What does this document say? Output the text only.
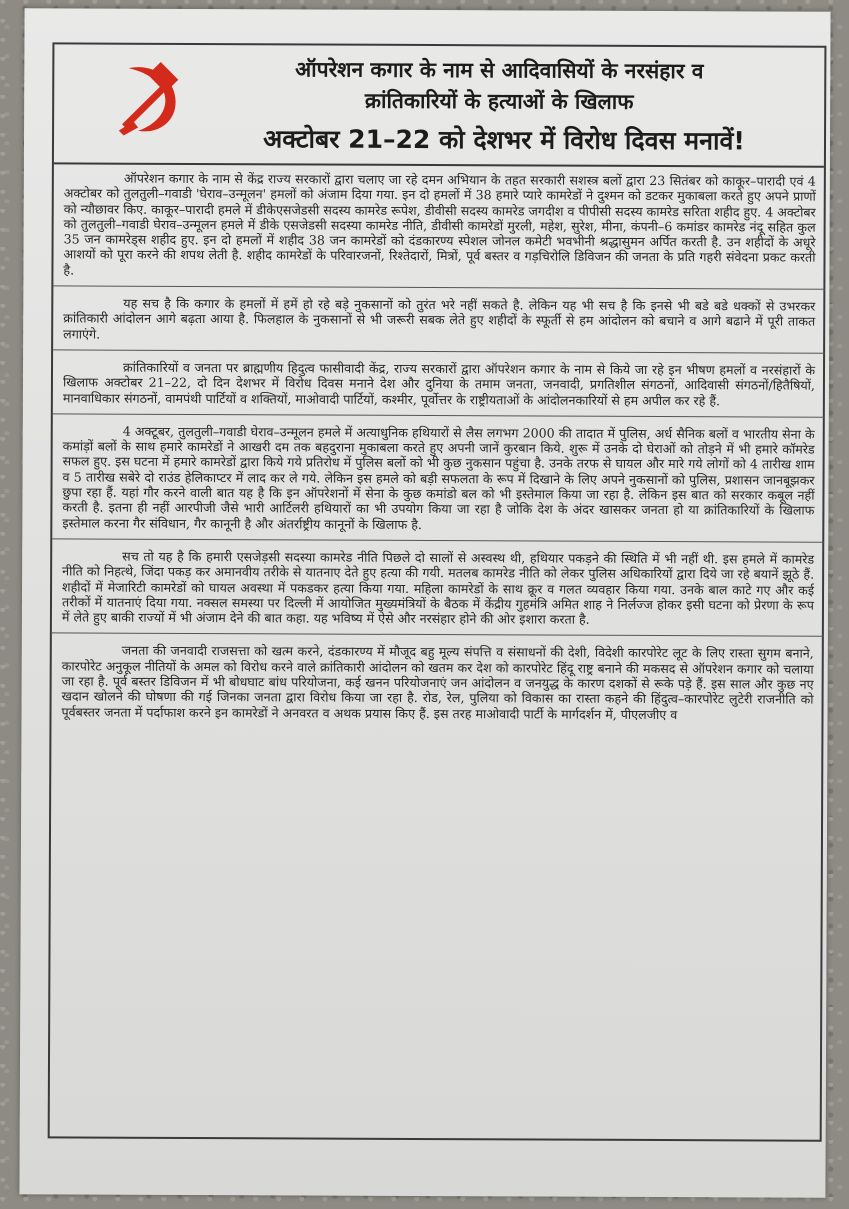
ऑपरेशन कगार के नाम से आदिवासियों के नरसंहार व
क्रांतिकारियों के हत्याओं के खिलाफ
अक्टोबर 21–22 को देशभर में विरोध दिवस मनावें!

ऑपरेशन कगार के नाम से केंद्र राज्य सरकारों द्वारा चलाए जा रहे दमन अभियान के तहत सरकारी सशस्त्र बलों द्वारा 23 सितंबर को काकूर–पारादी एवं 4 अक्टोबर को तुलतुली–गवाडी 'घेराव–उन्मूलन' हमलों को अंजाम दिया गया. इन दो हमलों में 38 हमारे प्यारे कामरेडों ने दुश्मन को डटकर मुकाबला करते हुए अपने प्राणों को न्यौछावर किए. काकूर–पारादी हमले में डीकेएसजेडसी सदस्य कामरेड रूपेश, डीवीसी सदस्य कामरेड जगदीश व पीपीसी सदस्य कामरेड सरिता शहीद हुए. 4 अक्टोबर को तुलतुली–गवाडी घेराव–उन्मूलन हमले में डीके एसजेडसी सदस्या कामरेड नीति, डीवीसी कामरेडों मुरली, महेश, सुरेश, मीना, कंपनी–6 कमांडर कामरेड नंदू सहित कुल 35 जन कामरेड्स शहीद हुए. इन दो हमलों में शहीद 38 जन कामरेडों को दंडकारण्य स्पेशल जोनल कमेटी भवभीनी श्रद्धासुमन अर्पित करती है. उन शहीदों के अधूरे आशयों को पूरा करने की शपथ लेती है. शहीद कामरेडों के परिवारजनों, रिश्तेदारों, मित्रों, पूर्व बस्तर व गड़चिरोलि डिविजन की जनता के प्रति गहरी संवेदना प्रकट करती है.

यह सच है कि कगार के हमलों में हमें हो रहे बड़े नुकसानों को तुरंत भरे नहीं सकते है. लेकिन यह भी सच है कि इनसे भी बडे बडे धक्कों से उभरकर क्रांतिकारी आंदोलन आगे बढ़ता आया है. फिलहाल के नुकसानों से भी जरूरी सबक लेते हुए शहीदों के स्फूर्ती से हम आंदोलन को बचाने व आगे बढाने में पूरी ताकत लगाएंगे.

क्रांतिकारियों व जनता पर ब्राह्मणीय हिदुत्व फासीवादी केंद्र, राज्य सरकारों द्वारा ऑपरेशन कगार के नाम से किये जा रहे इन भीषण हमलों व नरसंहारों के खिलाफ अक्टोबर 21–22, दो दिन देशभर में विरोध दिवस मनाने देश और दुनिया के तमाम जनता, जनवादी, प्रगतिशील संगठनों, आदिवासी संगठनों/हितैषियों, मानवाधिकार संगठनों, वामपंथी पार्टियों व शक्तियों, माओवादी पार्टियों, कश्मीर, पूर्वोत्तर के राष्ट्रीयताओं के आंदोलनकारियों से हम अपील कर रहे हैं.

4 अक्टूबर, तुलतुली–गवाडी घेराव–उन्मूलन हमले में अत्याधुनिक हथियारों से लैस लगभग 2000 की तादात में पुलिस, अर्ध सैनिक बलों व भारतीय सेना के कमांड़ों बलों के साथ हमारे कामरेडों ने आखरी दम तक बहदुराना मुकाबला करते हुए अपनी जानें कुरबान किये. शुरू में उनके दो घेराओं को तोड़ने में भी हमारे कॉमरेड सफल हुए. इस घटना में हमारे कामरेडों द्वारा किये गये प्रतिरोध में पुलिस बलों को भी कुछ नुकसान पहुंचा है. उनके तरफ से घायल और मारे गये लोगों को 4 तारीख शाम व 5 तारीख सबेरे दो राउंड हेलिकाप्टर में लाद कर ले गये. लेकिन इस हमले को बड़ी सफलता के रूप में दिखाने के लिए अपने नुकसानों को पुलिस, प्रशासन जानबूझकर छुपा रहा हैं. यहां गौर करने वाली बात यह है कि इन ऑपरेशनों में सेना के कुछ कमांडो बल को भी इस्तेमाल किया जा रहा है. लेकिन इस बात को सरकार कबूल नहीं करती है. इतना ही नहीं आरपीजी जैसे भारी आर्टिलरी हथियारों का भी उपयोग किया जा रहा है जोकि देश के अंदर खासकर जनता हो या क्रांतिकारियों के खिलाफ इस्तेमाल करना गैर संविधान, गैर कानूनी है और अंतर्राष्ट्रीय कानूनों के खिलाफ है.

सच तो यह है कि हमारी एसजेड़सी सदस्या कामरेड नीति पिछले दो सालों से अस्वस्थ थी, हथियार पकड़ने की स्थिति में भी नहीं थी. इस हमले में कामरेड नीति को निहत्थे, जिंदा पकड़ कर अमानवीय तरीके से यातनाए देते हुए हत्या की गयी. मतलब कामरेड नीति को लेकर पुलिस अधिकारियों द्वारा दिये जा रहे बयानें झूठे हैं. शहीदों में मेजारिटी कामरेडों को घायल अवस्था में पकडकर हत्या किया गया. महिला कामरेडों के साथ क्रूर व गलत व्यवहार किया गया. उनके बाल काटे गए और कई तरीकों में यातनाएं दिया गया. नक्सल समस्या पर दिल्ली में आयोजित मुख्यमंत्रियों के बैठक में केंद्रीय गुहमंत्रि अमित शाह ने निर्लज्ज होकर इसी घटना को प्रेरणा के रूप में लेते हुए बाकी राज्यों में भी अंजाम देने की बात कहा. यह भविष्य में ऐसे और नरसंहार होने की ओर इशारा करता है.

जनता की जनवादी राजसत्ता को खत्म करने, दंडकारण्य में मौजूद बहु मूल्य संपत्ति व संसाधनों की देशी, विदेशी कारपोरेट लूट के लिए रास्ता सुगम बनाने, कारपोरेट अनुकूल नीतियों के अमल को विरोध करने वाले क्रांतिकारी आंदोलन को खतम कर देश को कारपोरेट हिंदू राष्ट्र बनाने की मकसद से ऑपरेशन कगार को चलाया जा रहा है. पूर्व बस्तर डिविजन में भी बोधघाट बांध परियोजना, कई खनन परियोजनाएं जन आंदोलन व जनयुद्ध के कारण दशकों से रूके पड़े हैं. इस साल और कुछ नए खदान खोलने की घोषणा की गई जिनका जनता द्वारा विरोध किया जा रहा है. रोड, रेल, पुलिया को विकास का रास्ता कहने की हिंदुत्व–कारपोरेट लुटेरी राजनीति को पूर्वबस्तर जनता में पर्दाफाश करने इन कामरेडों ने अनवरत व अथक प्रयास किए हैं. इस तरह माओवादी पार्टी के मार्गदर्शन में, पीएलजीए व
